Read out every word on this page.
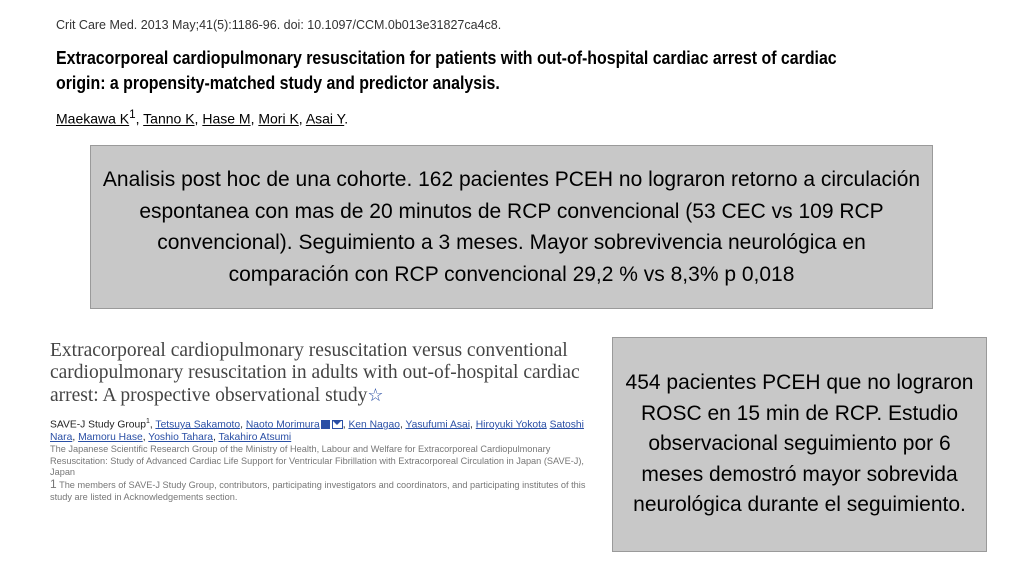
Crit Care Med. 2013 May;41(5):1186-96. doi: 10.1097/CCM.0b013e31827ca4c8.
Extracorporeal cardiopulmonary resuscitation for patients with out-of-hospital cardiac arrest of cardiac origin: a propensity-matched study and predictor analysis.
Maekawa $K^1$, Tanno K, Hase M, Mori K, Asai Y.
Analisis post hoc de una cohorte. 162 pacientes PCEH no lograron retorno a circulación espontanea con mas de 20 minutos de RCP convencional (53 CEC vs 109 RCP convencional). Seguimiento a 3 meses. Mayor sobrevivencia neurológica en comparación con RCP convencional 29,2 % vs 8,3% p 0,018
Extracorporeal cardiopulmonary resuscitation versus conventional cardiopulmonary resuscitation in adults with out-of-hospital cardiac arrest: A prospective observational study☆
SAVE-J Study Group$^1$, Tetsuya Sakamoto, Naoto Morimura , Ken Nagao, Yasufumi Asai, Hiroyuki Yokota Satoshi Nara, Mamoru Hase, Yoshio Tahara, Takahiro Atsumi
The Japanese Scientific Research Group of the Ministry of Health, Labour and Welfare for Extracorporeal Cardiopulmonary Resuscitation: Study of Advanced Cardiac Life Support for Ventricular Fibrillation with Extracorporeal Circulation in Japan (SAVE-J), Japan
1 The members of SAVE-J Study Group, contributors, participating investigators and coordinators, and participating institutes of this study are listed in Acknowledgements section.
454 pacientes PCEH que no lograron ROSC en 15 min de RCP. Estudio observacional seguimiento por 6 meses demostró mayor sobrevida neurológica durante el seguimiento.
